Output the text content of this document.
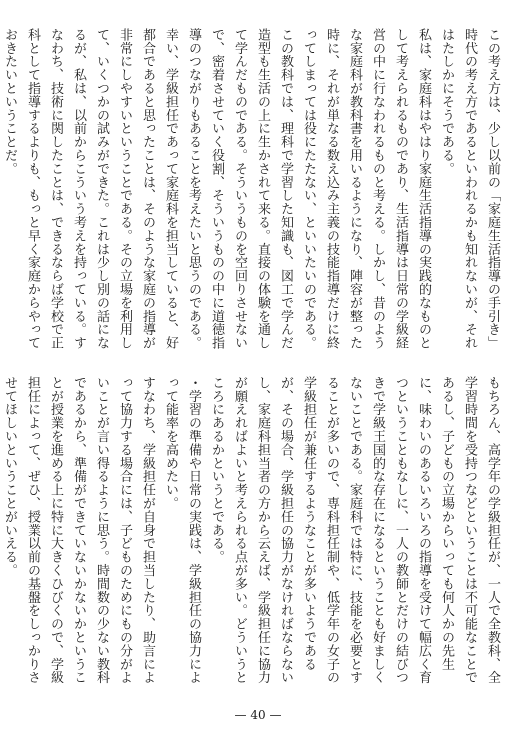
この考え方は、少し以前の「家庭生活指導の手引き」時代の考え方であるといわれるかも知れないが、それはたしかにそうである。

私は、家庭科はやはり家庭生活指導の実践的なものとして考えられるものであり、生活指導は日常の学級経営の中に行なわれるものと考える。しかし、昔のような家庭科が教科書を用いるようになり、陣容が整った時に、それが単なる数え込み主義の技能指導だけに終ってしまっては役にたたない、といいたいのである。

この教科では、理科で学習した知識も、図工で学んだ造型も生活の上に生かされて来る。直接の体験を通して学んだものである。そういうものを空回りさせないで、密着させていく役割、そういうものの中に道徳指導のつながりもあることを考えたいと思うのである。

幸い、学級担任であって家庭科を担当していると、好都合であると思ったことは、そのような家庭の指導が非常にしやすいということである。その立場を利用して、いくつかの試みができた。これは少し別の話になるが、私は、以前からこういう考えを持っている。すなわち、技術に関したことは、できるならば学校で正科として指導するよりも、もっと早く家庭からやっておきたいということだ。

もちろん、高学年の学級担任が、一人で全教科、全学習時間を受持つなどということは不可能なことであるし、子どもの立場からいっても何人かの先生に、味わいのあるいろいろの指導を受けて幅広く育つということもなしに、一人の教師とだけの結びつきで学級王国的な存在になるということも好ましくないことである。家庭科では特に、技能を必要とすることが多いので、専科担任制や、低学年の女子の学級担任が兼任するようなことが多いようであるが、その場合、学級担任の協力がなければならないし、家庭科担当者の方から云えば、学級担任に協力が願えればよいと考えられる点が多い。どういうところにあるかというとである。

・学習の準備や日常の実践は、学級担任の協力によって能率を高めたい。

すなわち、学級担任が自身で担当したり、助言によって協力する場合には、子どものためにもの分がよいことが言い得るように思う。時間数の少ない教科であるから、準備ができていないかないかということが授業を進める上に特に大きくひびくので、学級担任によって、ぜひ、授業以前の基盤をしっかりさせてほしいということがいえる。

— 40 —
